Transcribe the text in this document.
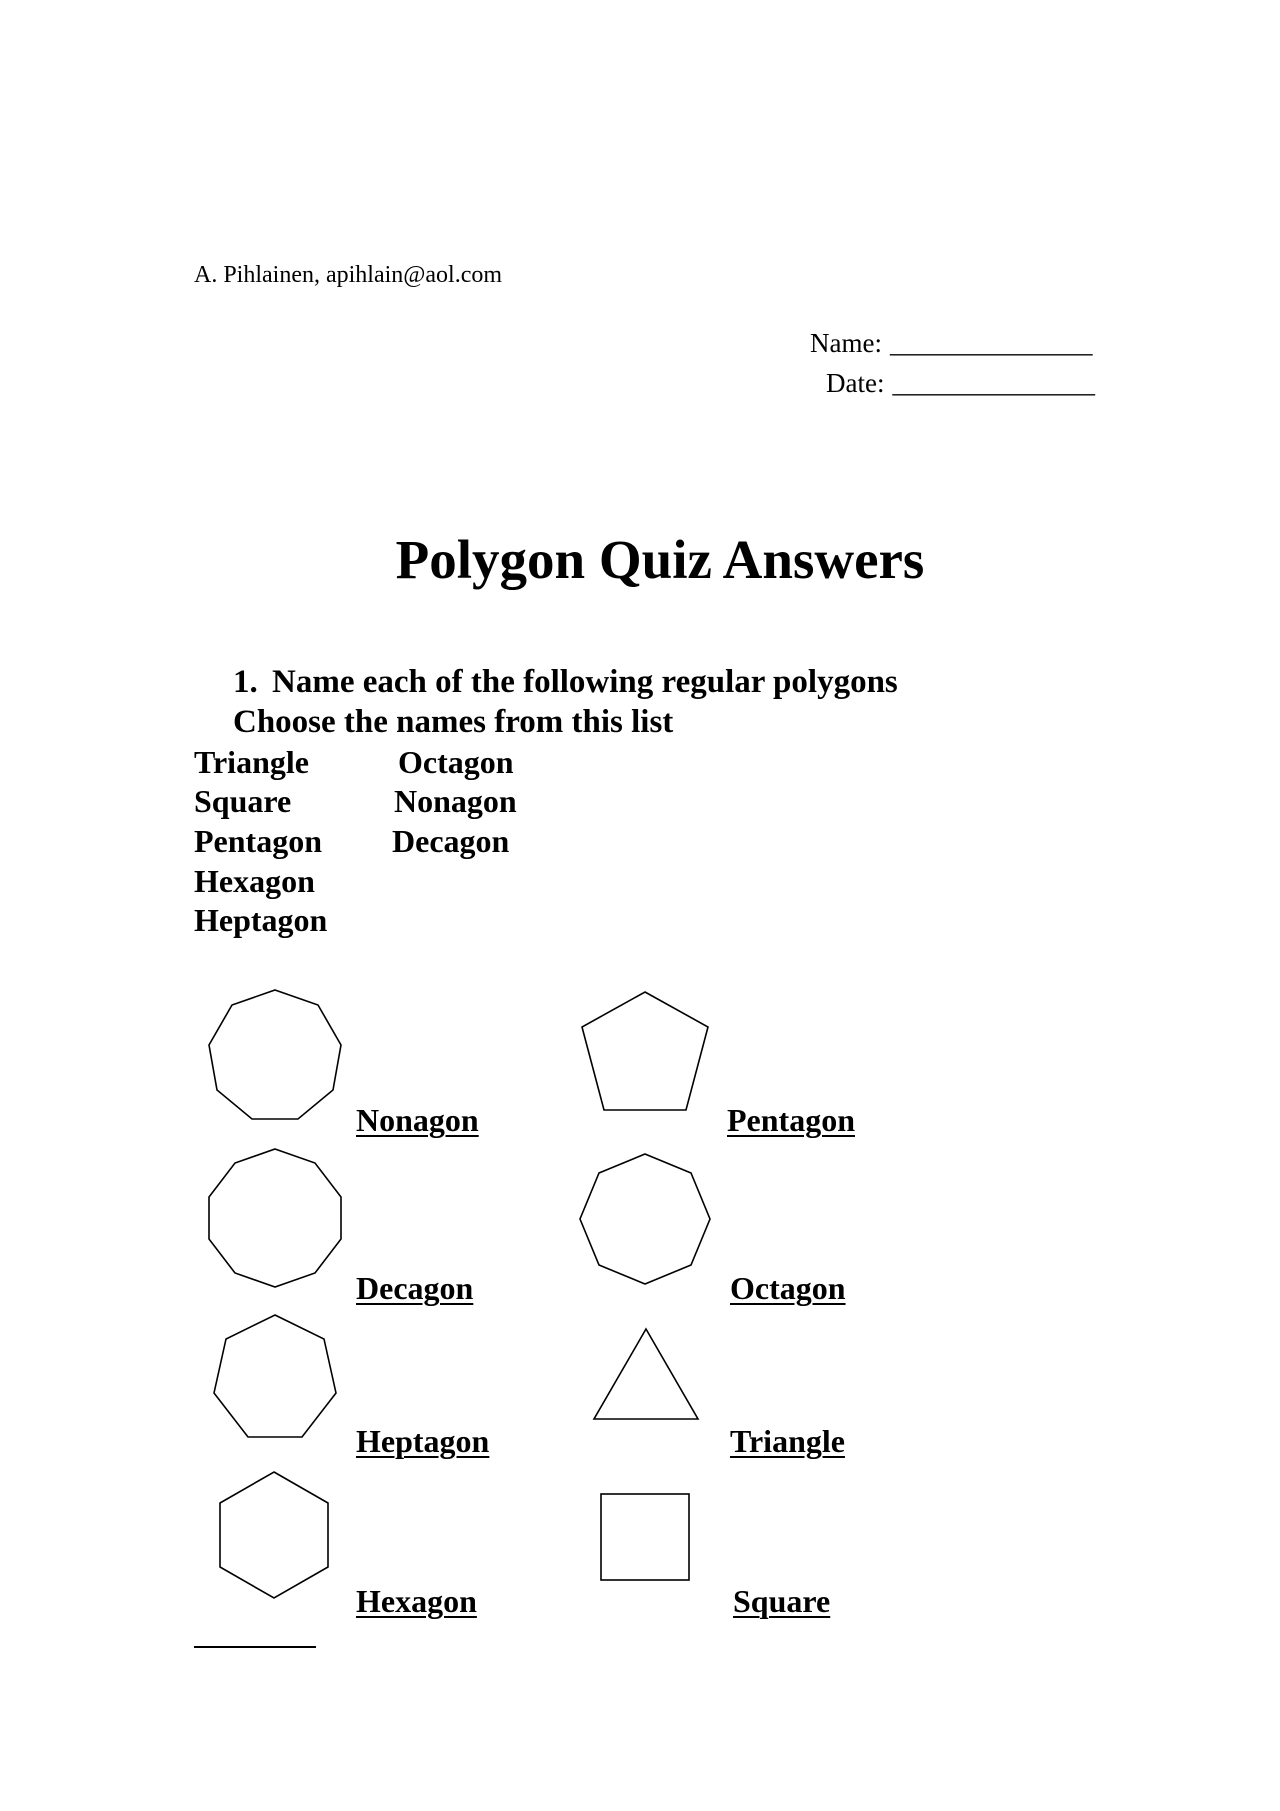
A. Pihlainen, apihlain@aol.com
Name: _______________
Date: _______________
Polygon Quiz Answers
1. Name each of the following regular polygons
Choose the names from this list
Triangle
Square
Pentagon
Hexagon
Heptagon
Octagon
Nonagon
Decagon
Nonagon	Pentagon
Decagon	Octagon
Heptagon	Triangle
Hexagon	Square
